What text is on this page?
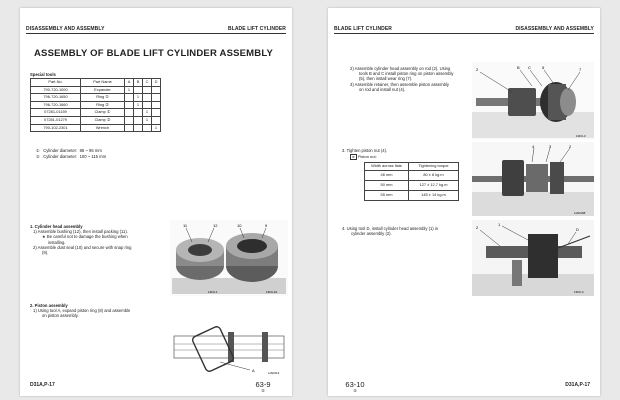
DISASSEMBLY AND ASSEMBLY	BLADE LIFT CYLINDER
ASSEMBLY OF BLADE LIFT CYLINDER ASSEMBLY
Special tools
Part No.	Part Name	A	B	C	D
790-720-1000	Expander	1			
796-720-1650	Ring ①		1		
796-720-1660	Ring ②		1		
07281-01159	Clamp ①			1	
07281-01279	Clamp ②			1	
790-102-2301	Wrench				1
① Cylinder diameter: 85 ~ 95 mm
② Cylinder diameter: 100 ~ 115 mm
1. Cylinder head assembly
1) Assemble bushing (12), then install packing (11).
★ Be careful not to damage the bushing when
installing.
2) Assemble dust seal (10) and secure with snap ring
(9).
11	12	10	9
13F0-1	13F0-10
2. Piston assembly
1) Using tool A, expand piston ring (8) and assemble
on piston assembly.
A	LIAF013
D31A,P-17	63-9
⑤
BLADE LIFT CYLINDER	DISASSEMBLY AND ASSEMBLY
2) Assemble cylinder head assembly on rod (2). Using
tools B and C install piston ring on piston assembly
(5), then install wear ring (7).
3) Assemble retainer, then assemble piston assembly
on rod and install nut (4).
2	B C	5	7
13F0-3
3. Tighten piston nut (4).
⚙ Piston nut:
Width across flats	Tightening torque
46 mm	80 ± 8 kg.m
50 mm	127 ± 12.7 kg.m
55 mm	145 ± 14 kg.m
4	3	2
LIAF008
4. Using tool D, install cylinder head assembly (1) in
cylinder assembly (2).
2
1
D
13F0-4
63-10
⑤
D31A,P-17
